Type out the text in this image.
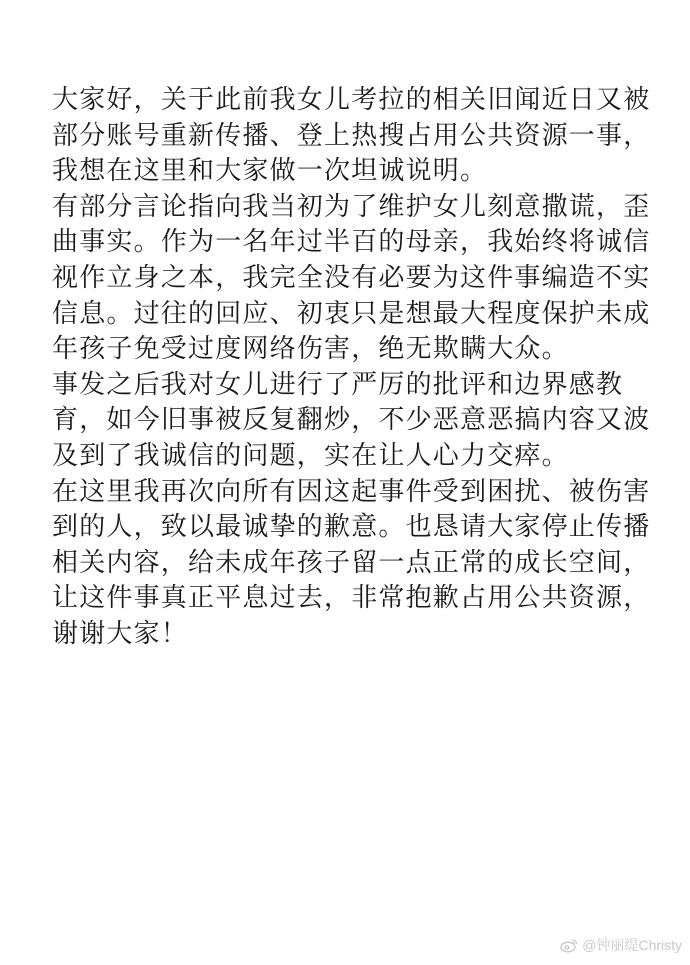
大家好，关于此前我女儿考拉的相关旧闻近日又被
部分账号重新传播、登上热搜占用公共资源一事，
我想在这里和大家做一次坦诚说明。
有部分言论指向我当初为了维护女儿刻意撒谎，歪
曲事实。作为一名年过半百的母亲，我始终将诚信
视作立身之本，我完全没有必要为这件事编造不实
信息。过往的回应、初衷只是想最大程度保护未成
年孩子免受过度网络伤害，绝无欺瞒大众。
事发之后我对女儿进行了严厉的批评和边界感教
育，如今旧事被反复翻炒，不少恶意恶搞内容又波
及到了我诚信的问题，实在让人心力交瘁。
在这里我再次向所有因这起事件受到困扰、被伤害
到的人，致以最诚挚的歉意。也恳请大家停止传播
相关内容，给未成年孩子留一点正常的成长空间，
让这件事真正平息过去，非常抱歉占用公共资源，
谢谢大家！
@钟丽缇Christy
